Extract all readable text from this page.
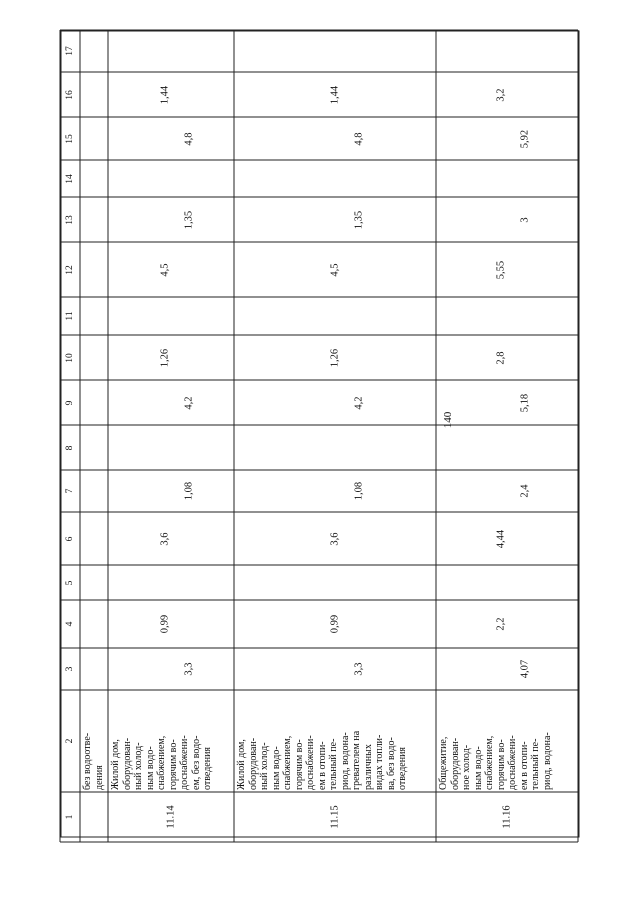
140
1
2
3
4
5
6
7
8
9
10
11
12
13
14
15
16
17
без водоотве-
дения
11.14
Жилой дом,
оборудован-
ный холод-
ным водо-
снабжением,
горячим во-
доснабжени-
ем, без водо-
отведения
3,3
0,99
3,6
1,08
4,2
1,26
4,5
1,35
4,8
1,44
11.15
Жилой дом,
оборудован-
ный холод-
ным водо-
снабжением,
горячим во-
доснабжени-
ем в отопи-
тельный пе-
риод, водона-
гревателем на
различных
видах топли-
ва, без водо-
отведения
3,3
0,99
3,6
1,08
4,2
1,26
4,5
1,35
4,8
1,44
11.16
Общежитие,
оборудован-
ное холод-
ным водо-
снабжением,
горячим во-
доснабжени-
ем в отопи-
тельный пе-
риод, водона-
4,07
2,2
4,44
2,4
5,18
2,8
5,55
3
5,92
3,2
